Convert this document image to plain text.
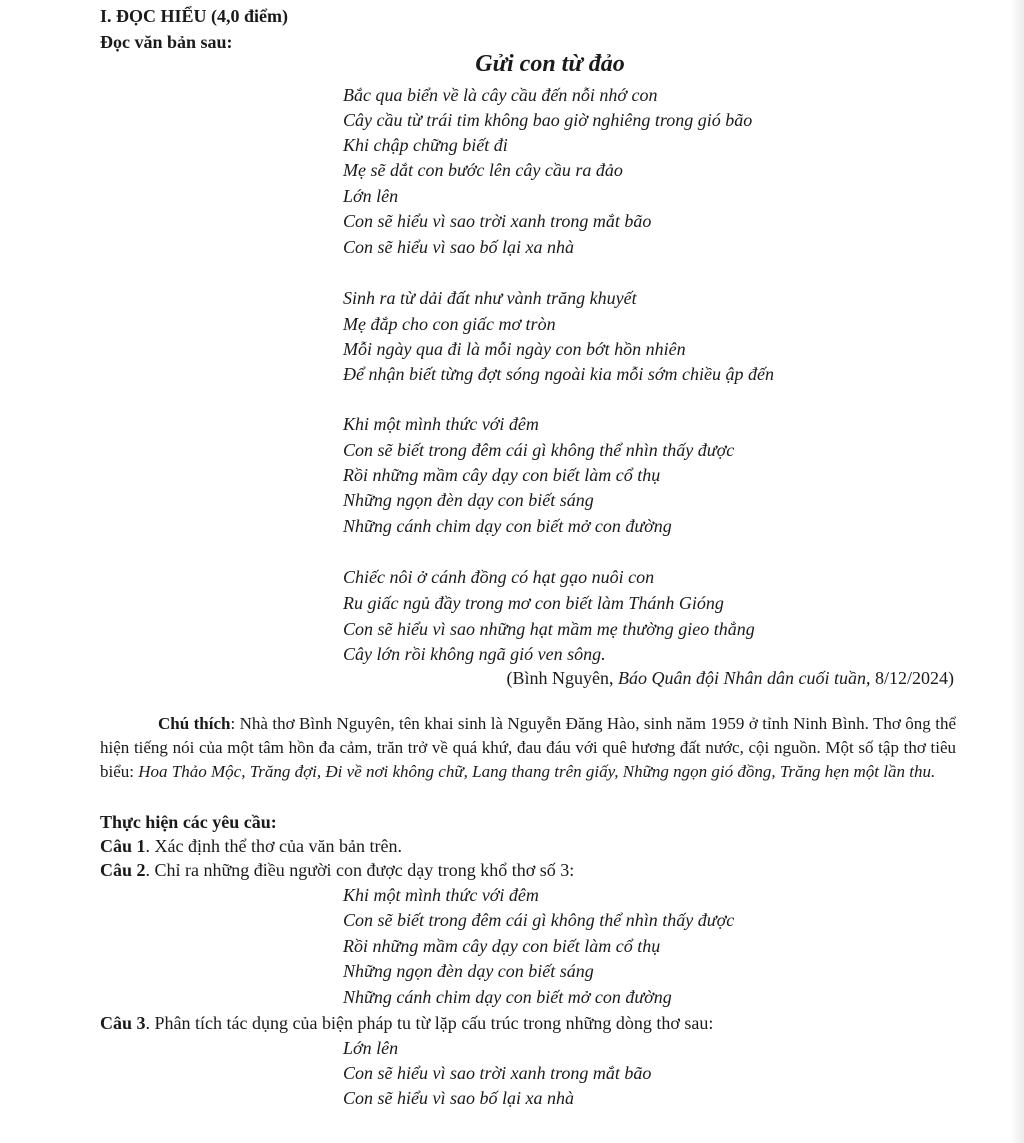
I. ĐỌC HIỂU (4,0 điểm)
Đọc văn bản sau:
Gửi con từ đảo
Bắc qua biển về là cây cầu đến nỗi nhớ con
Cây cầu từ trái tim không bao giờ nghiêng trong gió bão
Khi chập chững biết đi
Mẹ sẽ dắt con bước lên cây cầu ra đảo
Lớn lên
Con sẽ hiểu vì sao trời xanh trong mắt bão
Con sẽ hiểu vì sao bố lại xa nhà
Sinh ra từ dải đất như vành trăng khuyết
Mẹ đắp cho con giấc mơ tròn
Mỗi ngày qua đi là mỗi ngày con bớt hồn nhiên
Để nhận biết từng đợt sóng ngoài kia mỗi sớm chiều ập đến
Khi một mình thức với đêm
Con sẽ biết trong đêm cái gì không thể nhìn thấy được
Rồi những mầm cây dạy con biết làm cổ thụ
Những ngọn đèn dạy con biết sáng
Những cánh chim dạy con biết mở con đường
Chiếc nôi ở cánh đồng có hạt gạo nuôi con
Ru giấc ngủ đầy trong mơ con biết làm Thánh Gióng
Con sẽ hiểu vì sao những hạt mầm mẹ thường gieo thẳng
Cây lớn rồi không ngã gió ven sông.
(Bình Nguyên, Báo Quân đội Nhân dân cuối tuần, 8/12/2024)
Chú thích: Nhà thơ Bình Nguyên, tên khai sinh là Nguyễn Đăng Hào, sinh năm 1959 ở tỉnh Ninh Bình. Thơ ông thể hiện tiếng nói của một tâm hồn đa cảm, trăn trở về quá khứ, đau đáu với quê hương đất nước, cội nguồn. Một số tập thơ tiêu biểu: Hoa Thảo Mộc, Trăng đợi, Đi về nơi không chữ, Lang thang trên giấy, Những ngọn gió đồng, Trăng hẹn một lần thu.
Thực hiện các yêu cầu:
Câu 1. Xác định thể thơ của văn bản trên.
Câu 2. Chỉ ra những điều người con được dạy trong khổ thơ số 3:
Khi một mình thức với đêm
Con sẽ biết trong đêm cái gì không thể nhìn thấy được
Rồi những mầm cây dạy con biết làm cổ thụ
Những ngọn đèn dạy con biết sáng
Những cánh chim dạy con biết mở con đường
Câu 3. Phân tích tác dụng của biện pháp tu từ lặp cấu trúc trong những dòng thơ sau:
Lớn lên
Con sẽ hiểu vì sao trời xanh trong mắt bão
Con sẽ hiểu vì sao bố lại xa nhà
